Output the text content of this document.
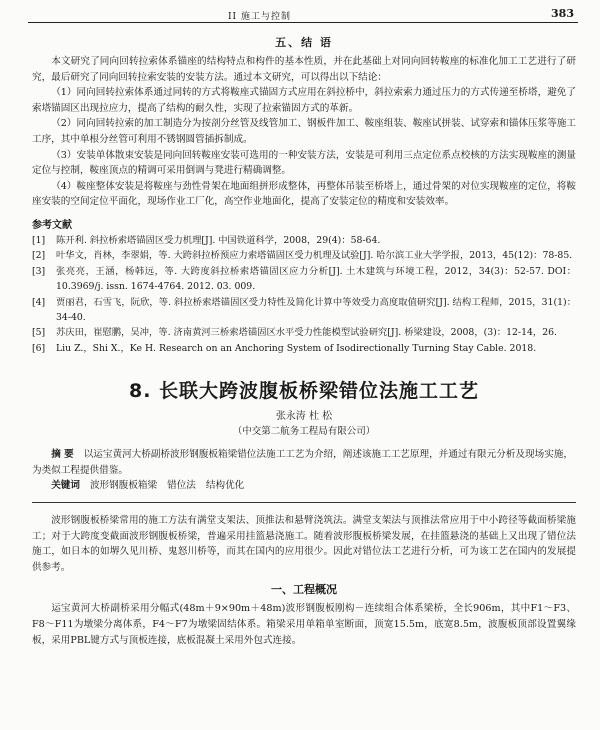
II 施工与控制	383
五、结 语

本文研究了同向回转拉索体系锚座的结构特点和构件的基本性质，并在此基础上对同向回转鞍座的标准化加工工艺进行了研究，最后研究了同向回转拉索安装的安装方法。通过本文研究，可以得出以下结论：

（1）同向回转拉索体系通过同转的方式将鞍座式锚固方式应用在斜拉桥中，斜拉索索力通过压力的方式传递至桥塔，避免了索塔锚固区出现拉应力，提高了结构的耐久性，实现了拉索锚固方式的革新。

（2）同向回转拉索的加工制造分为按剖分丝管及线管加工、钢板件加工、鞍座组装、鞍座试拼装、试穿索和锚体压浆等施工工序，其中单根分丝管可利用不锈钢圆管插拆制成。

（3）安装单体散束安装是同向回转鞍座安装可选用的一种安装方法，安装是可利用三点定位系点校核的方法实现鞍座的测量定位与控制，鞍座顶点的精调可采用倒调与凳进行精确调整。

（4）鞍座整体安装是将鞍座与劲性骨架在地面组拼形成整体，再整体吊装至桥塔上，通过骨架的对位实现鞍座的定位，将鞍座安装的空间定位平面化，现场作业工厂化，高空作业地面化，提高了安装定位的精度和安装效率。

参考文献
[1]	陈开利. 斜拉桥索塔锚固区受力机理[J]. 中国铁道科学，2008，29(4)：58-64.
[2]	叶华文，肖林，李翠娟，等. 大跨斜拉桥预应力索塔锚固区受力机理及试验[J]. 哈尔滨工业大学学报，2013，45(12)：78-85.
[3]	张亮亮，王涵，杨韩远，等. 大跨度斜拉桥索塔锚固区应力分析[J]. 土木建筑与环境工程，2012，34(3)：52-57. DOI：10.3969/j. issn. 1674-4764. 2012. 03. 009.
[4]	贾丽君，石雪飞，阮欣，等. 斜拉桥索塔锚固区受力特性及简化计算中等效受力高度取值研究[J]. 结构工程师，2015，31(1)：34-40.
[5]	苏庆田，崔慰鹏，吴冲，等. 济南黄河三桥索塔锚固区水平受力性能模型试验研究[J]. 桥梁建设，2008，(3)：12-14，26.
[6]	Liu Z.，Shi X.，Ke H. Research on an Anchoring System of Isodirectionally Turning Stay Cable. 2018.
8. 长联大跨波腹板桥梁错位法施工工艺
张永涛 杜 松
（中交第二航务工程局有限公司）

摘 要 以运宝黄河大桥副桥波形钢腹板箱梁错位法施工工艺为介绍，阐述该施工工艺原理，并通过有限元分析及现场实施，为类似工程提供借鉴。

关键词 波形钢腹板箱梁 错位法 结构优化

波形钢腹板桥梁常用的施工方法有满堂支架法、顶推法和悬臂浇筑法。满堂支架法与顶推法常应用于中小跨径等截面桥梁施工；对于大跨度变截面波形钢腹板桥梁，普遍采用挂篮悬浇施工。随着波形腹板桥梁发展，在挂篮悬浇的基础上又出现了错位法施工，如日本的如堺久见川桥、鬼怒川桥等，而其在国内的应用很少。因此对错位法工艺进行分析，可为该工艺在国内的发展提供参考。

一、工程概况

运宝黄河大桥副桥采用分幅式(48m＋9×90m＋48m)波形钢腹板刚构－连续组合体系梁桥，全长906m，其中F1～F3、F8～F11为墩梁分离体系，F4～F7为墩梁固结体系。箱梁采用单箱单室断面，顶宽15.5m，底宽8.5m，波腹板顶部设置翼缘板，采用PBL键方式与顶板连接，底板混凝土采用外包式连接。
